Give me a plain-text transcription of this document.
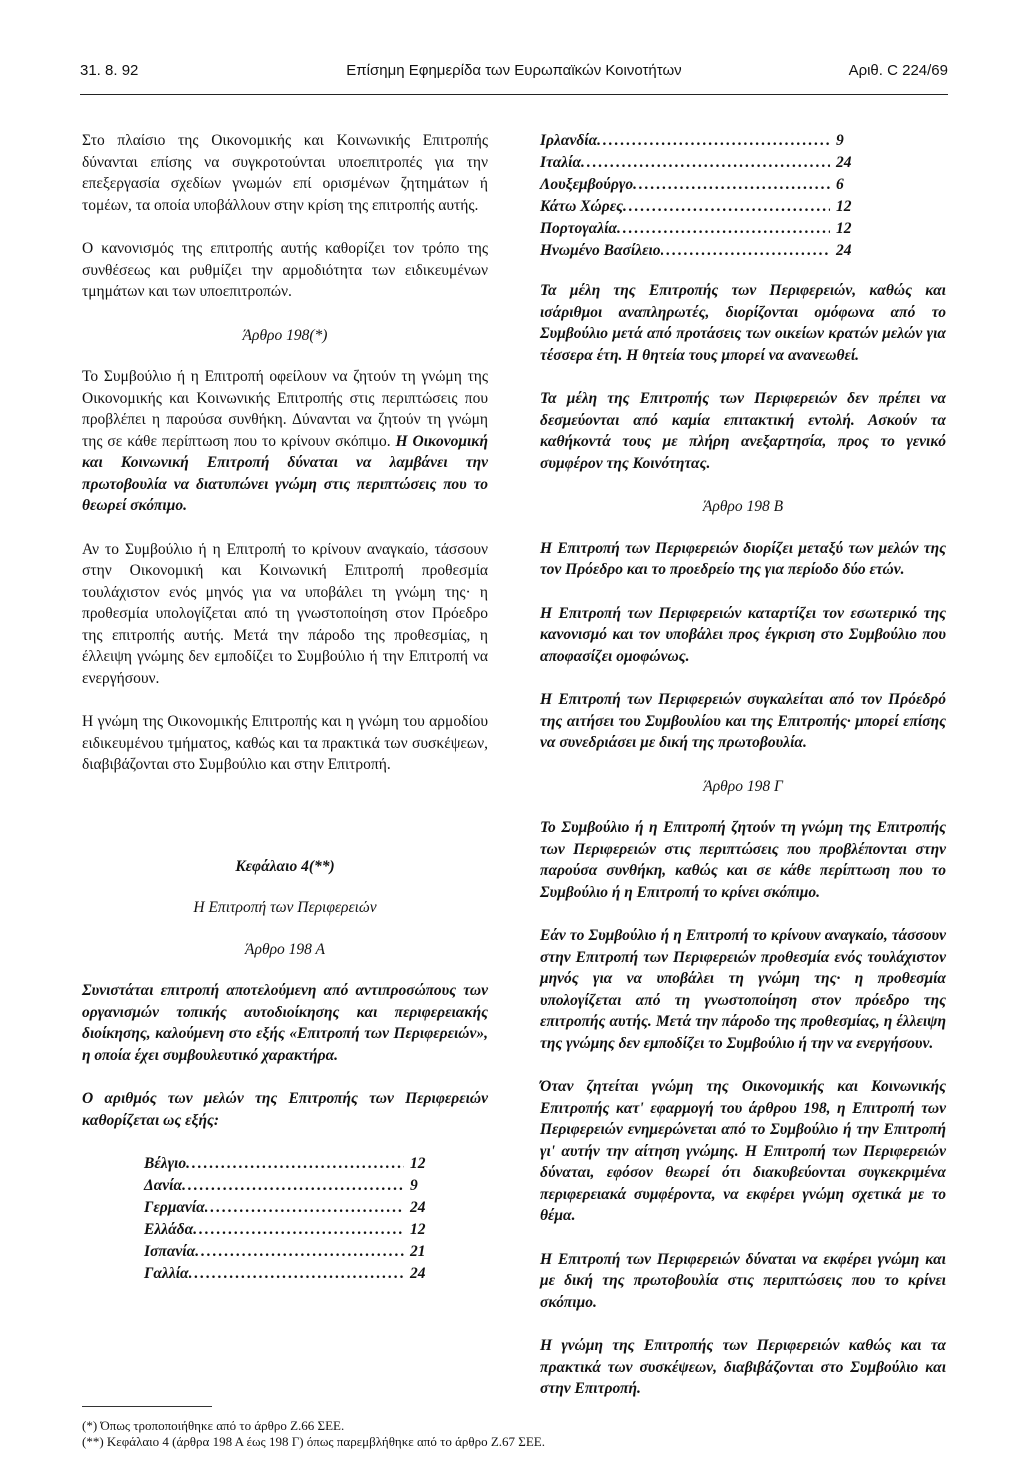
31. 8. 92	Επίσημη Εφημερίδα των Ευρωπαϊκών Κοινοτήτων	Αριθ. C 224/69

Στο πλαίσιο της Οικονομικής και Κοινωνικής Επιτροπής δύνανται επίσης να συγκροτούνται υποεπιτροπές για την επεξεργασία σχεδίων γνωμών επί ορισμένων ζητημάτων ή τομέων, τα οποία υποβάλλουν στην κρίση της επιτροπής αυτής.

Ο κανονισμός της επιτροπής αυτής καθορίζει τον τρόπο της συνθέσεως και ρυθμίζει την αρμοδιότητα των ειδικευμένων τμημάτων και των υποεπιτροπών.

Άρθρο 198(*)

Το Συμβούλιο ή η Επιτροπή οφείλουν να ζητούν τη γνώμη της Οικονομικής και Κοινωνικής Επιτροπής στις περιπτώσεις που προβλέπει η παρούσα συνθήκη. Δύνανται να ζητούν τη γνώμη της σε κάθε περίπτωση που το κρίνουν σκόπιμο. Η Οικονομική και Κοινωνική Επιτροπή δύναται να λαμβάνει την πρωτοβουλία να διατυπώνει γνώμη στις περιπτώσεις που το θεωρεί σκόπιμο.

Αν το Συμβούλιο ή η Επιτροπή το κρίνουν αναγκαίο, τάσσουν στην Οικονομική και Κοινωνική Επιτροπή προθεσμία τουλάχιστον ενός μηνός για να υποβάλει τη γνώμη της· η προθεσμία υπολογίζεται από τη γνωστοποίηση στον Πρόεδρο της επιτροπής αυτής. Μετά την πάροδο της προθεσμίας, η έλλειψη γνώμης δεν εμποδίζει το Συμβούλιο ή την Επιτροπή να ενεργήσουν.

Η γνώμη της Οικονομικής Επιτροπής και η γνώμη του αρμοδίου ειδικευμένου τμήματος, καθώς και τα πρακτικά των συσκέψεων, διαβιβάζονται στο Συμβούλιο και στην Επιτροπή.

Κεφάλαιο 4(**)
Η Επιτροπή των Περιφερειών
Άρθρο 198 Α

Συνιστάται επιτροπή αποτελούμενη από αντιπροσώπους των οργανισμών τοπικής αυτοδιοίκησης και περιφερειακής διοίκησης, καλούμενη στο εξής «Επιτροπή των Περιφερειών», η οποία έχει συμβουλευτικό χαρακτήρα.

Ο αριθμός των μελών της Επιτροπής των Περιφερειών καθορίζεται ως εξής:

Βέλγιο .....	12
Δανία .....	9
Γερμανία .....	24
Ελλάδα .....	12
Ισπανία .....	21
Γαλλία .....	24
Ιρλανδία .....	9
Ιταλία .....	24
Λουξεμβούργο .....	6
Κάτω Χώρες .....	12
Πορτογαλία .....	12
Ηνωμένο Βασίλειο .....	24

Τα μέλη της Επιτροπής των Περιφερειών, καθώς και ισάριθμοι αναπληρωτές, διορίζονται ομόφωνα από το Συμβούλιο μετά από προτάσεις των οικείων κρατών μελών για τέσσερα έτη. Η θητεία τους μπορεί να ανανεωθεί.

Τα μέλη της Επιτροπής των Περιφερειών δεν πρέπει να δεσμεύονται από καμία επιτακτική εντολή. Ασκούν τα καθήκοντά τους με πλήρη ανεξαρτησία, προς το γενικό συμφέρον της Κοινότητας.

Άρθρο 198 Β

Η Επιτροπή των Περιφερειών διορίζει μεταξύ των μελών της τον Πρόεδρο και το προεδρείο της για περίοδο δύο ετών.

Η Επιτροπή των Περιφερειών καταρτίζει τον εσωτερικό της κανονισμό και τον υποβάλει προς έγκριση στο Συμβούλιο που αποφασίζει ομοφώνως.

Η Επιτροπή των Περιφερειών συγκαλείται από τον Πρόεδρό της αιτήσει του Συμβουλίου και της Επιτροπής· μπορεί επίσης να συνεδριάσει με δική της πρωτοβουλία.

Άρθρο 198 Γ

Το Συμβούλιο ή η Επιτροπή ζητούν τη γνώμη της Επιτροπής των Περιφερειών στις περιπτώσεις που προβλέπονται στην παρούσα συνθήκη, καθώς και σε κάθε περίπτωση που το Συμβούλιο ή η Επιτροπή το κρίνει σκόπιμο.

Εάν το Συμβούλιο ή η Επιτροπή το κρίνουν αναγκαίο, τάσσουν στην Επιτροπή των Περιφερειών προθεσμία ενός τουλάχιστον μηνός για να υποβάλει τη γνώμη της· η προθεσμία υπολογίζεται από τη γνωστοποίηση στον πρόεδρο της επιτροπής αυτής. Μετά την πάροδο της προθεσμίας, η έλλειψη της γνώμης δεν εμποδίζει το Συμβούλιο ή την να ενεργήσουν.

Όταν ζητείται γνώμη της Οικονομικής και Κοινωνικής Επιτροπής κατ' εφαρμογή του άρθρου 198, η Επιτροπή των Περιφερειών ενημερώνεται από το Συμβούλιο ή την Επιτροπή γι' αυτήν την αίτηση γνώμης. Η Επιτροπή των Περιφερειών δύναται, εφόσον θεωρεί ότι διακυβεύονται συγκεκριμένα περιφερειακά συμφέροντα, να εκφέρει γνώμη σχετικά με το θέμα.

Η Επιτροπή των Περιφερειών δύναται να εκφέρει γνώμη και με δική της πρωτοβουλία στις περιπτώσεις που το κρίνει σκόπιμο.

Η γνώμη της Επιτροπής των Περιφερειών καθώς και τα πρακτικά των συσκέψεων, διαβιβάζονται στο Συμβούλιο και στην Επιτροπή.

(*) Όπως τροποποιήθηκε από το άρθρο Ζ.66 ΣΕΕ.

(**) Κεφάλαιο 4 (άρθρα 198 Α έως 198 Γ) όπως παρεμβλήθηκε από το άρθρο Ζ.67 ΣΕΕ.
